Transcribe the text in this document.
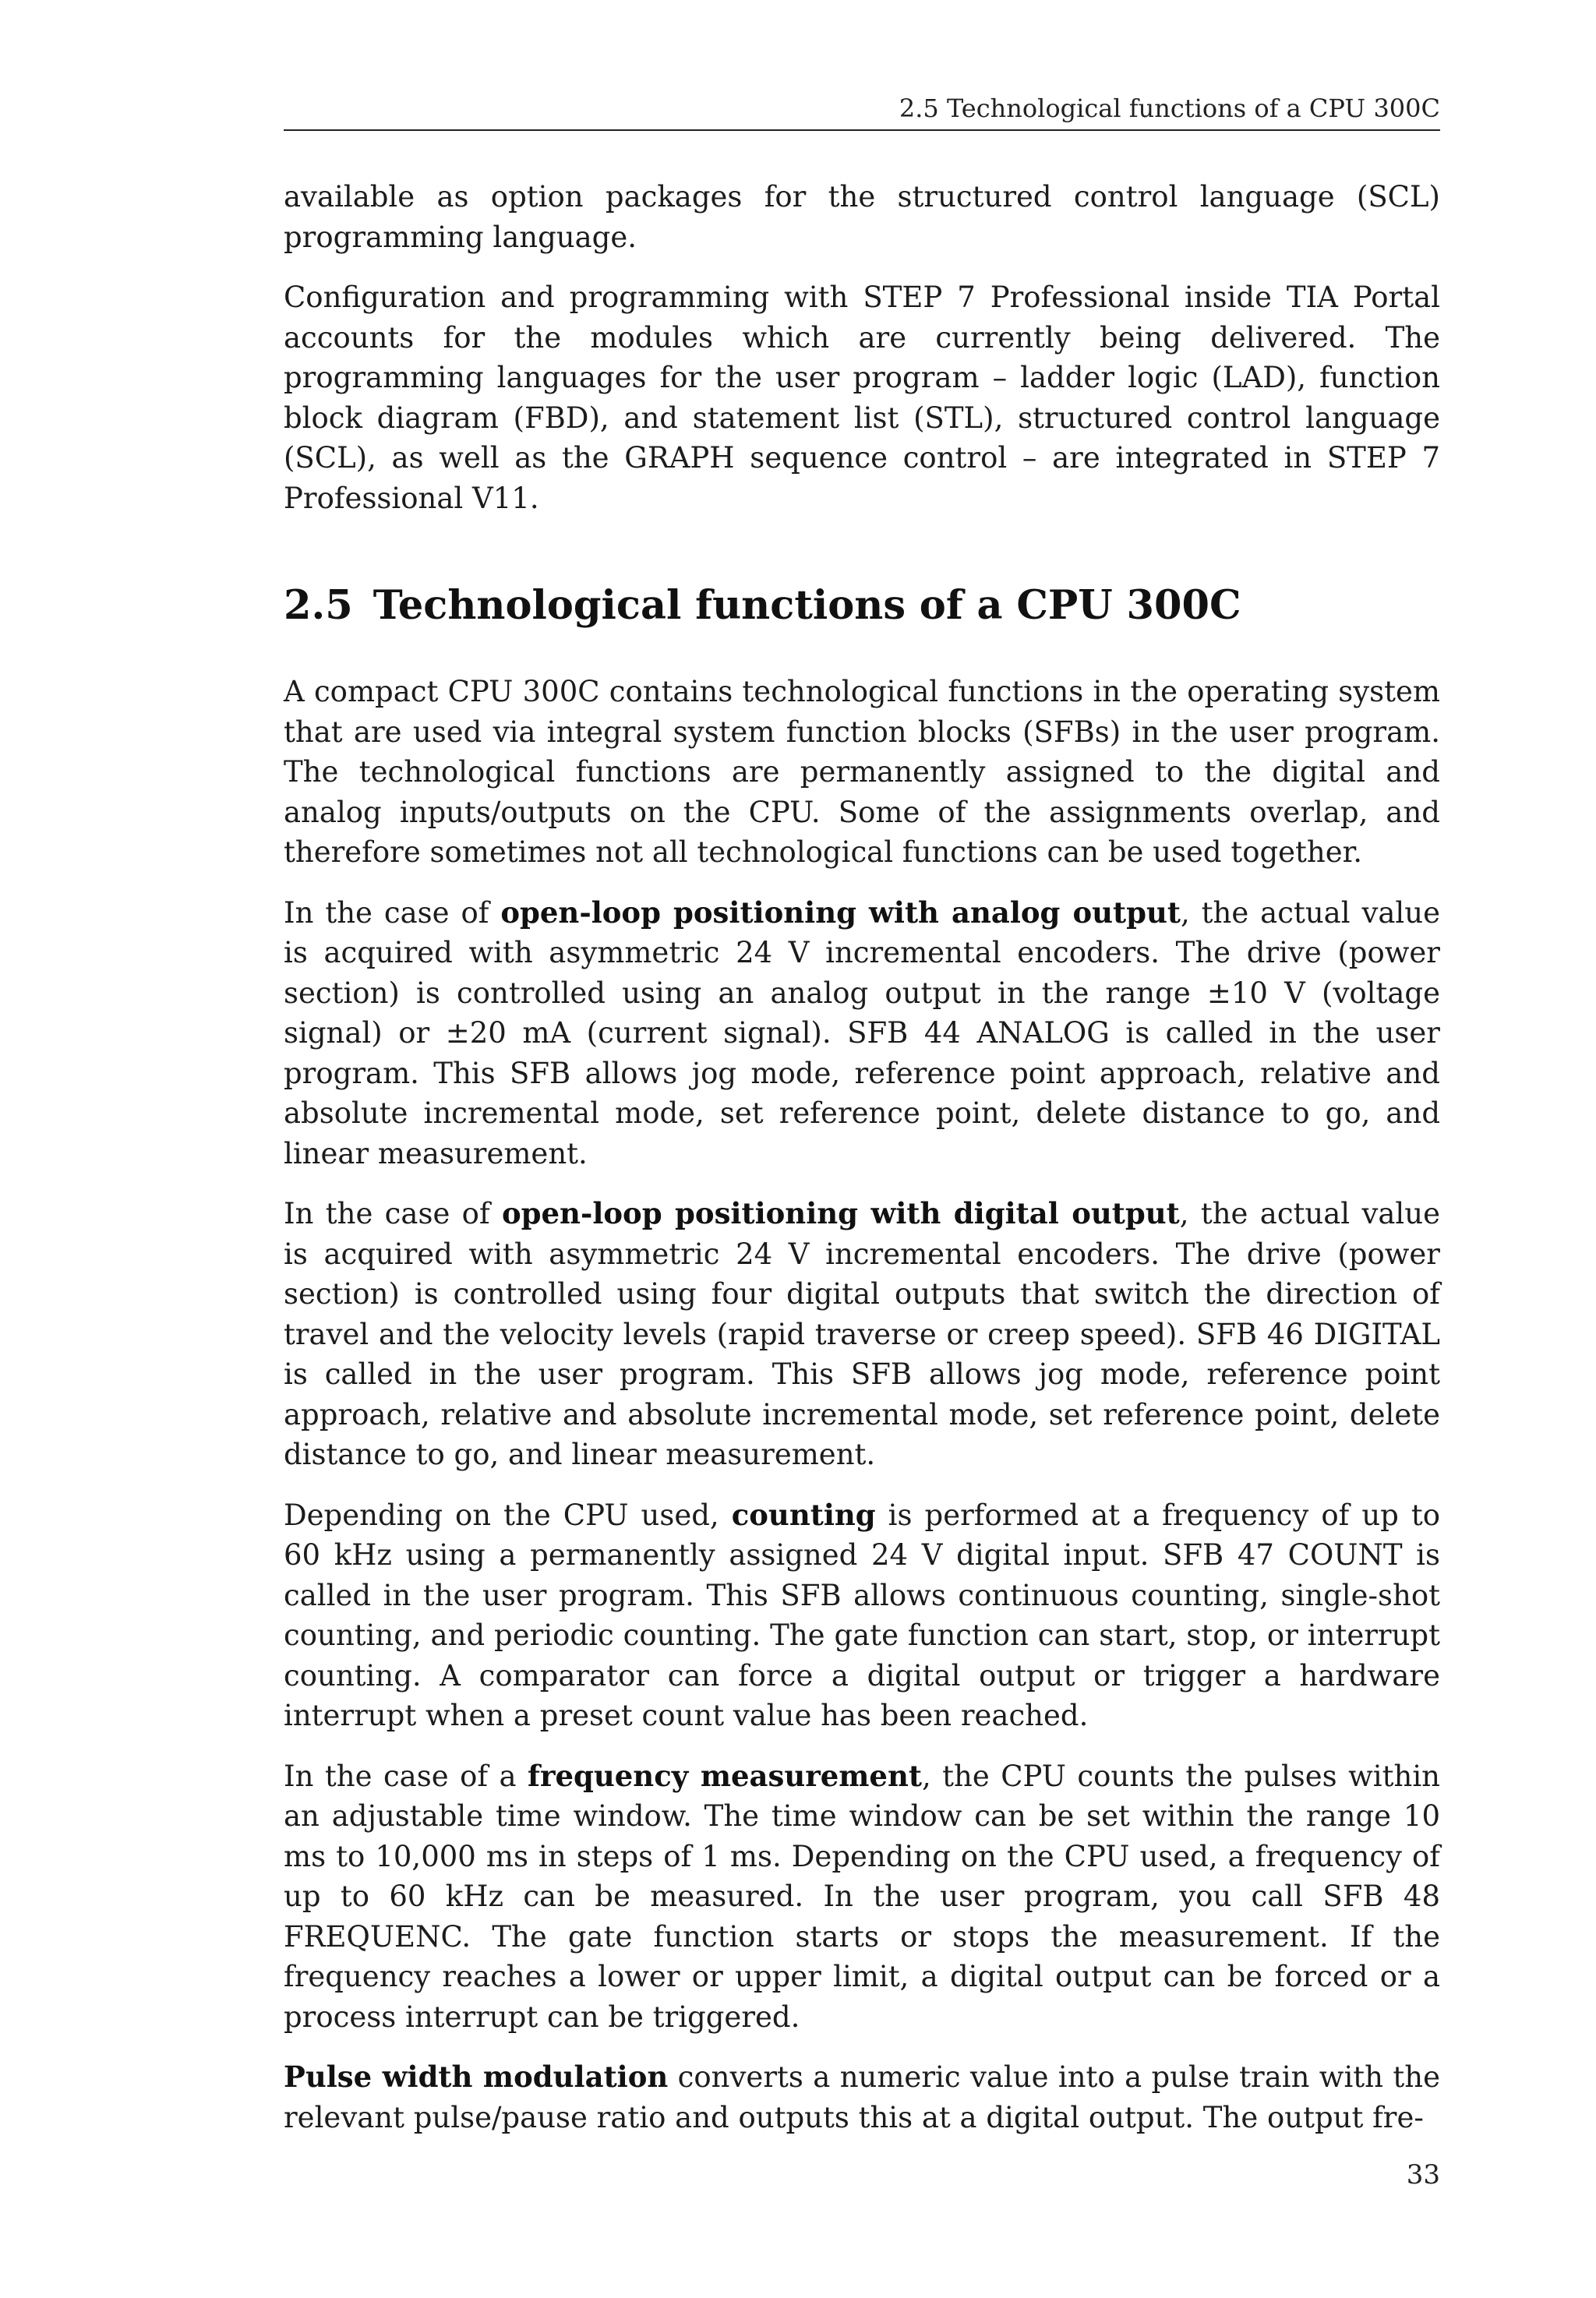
2.5 Technological functions of a CPU 300C

available as option packages for the structured control language (SCL) programming language.

Configuration and programming with STEP 7 Professional inside TIA Portal accounts for the modules which are currently being delivered. The programming languages for the user program – ladder logic (LAD), function block diagram (FBD), and statement list (STL), structured control language (SCL), as well as the GRAPH sequence control – are integrated in STEP 7 Professional V11.

2.5 Technological functions of a CPU 300C

A compact CPU 300C contains technological functions in the operating system that are used via integral system function blocks (SFBs) in the user program. The technological functions are permanently assigned to the digital and analog inputs/outputs on the CPU. Some of the assignments overlap, and therefore sometimes not all technological functions can be used together.

In the case of open-loop positioning with analog output, the actual value is acquired with asymmetric 24 V incremental encoders. The drive (power section) is controlled using an analog output in the range ±10 V (voltage signal) or ±20 mA (current signal). SFB 44 ANALOG is called in the user program. This SFB allows jog mode, reference point approach, relative and absolute incremental mode, set reference point, delete distance to go, and linear measurement.

In the case of open-loop positioning with digital output, the actual value is acquired with asymmetric 24 V incremental encoders. The drive (power section) is controlled using four digital outputs that switch the direction of travel and the velocity levels (rapid traverse or creep speed). SFB 46 DIGITAL is called in the user program. This SFB allows jog mode, reference point approach, relative and absolute incremental mode, set reference point, delete distance to go, and linear measurement.

Depending on the CPU used, counting is performed at a frequency of up to 60 kHz using a permanently assigned 24 V digital input. SFB 47 COUNT is called in the user program. This SFB allows continuous counting, single-shot counting, and periodic counting. The gate function can start, stop, or interrupt counting. A comparator can force a digital output or trigger a hardware interrupt when a preset count value has been reached.

In the case of a frequency measurement, the CPU counts the pulses within an adjustable time window. The time window can be set within the range 10 ms to 10,000 ms in steps of 1 ms. Depending on the CPU used, a frequency of up to 60 kHz can be measured. In the user program, you call SFB 48 FREQUENC. The gate function starts or stops the measurement. If the frequency reaches a lower or upper limit, a digital output can be forced or a process interrupt can be triggered.

Pulse width modulation converts a numeric value into a pulse train with the relevant pulse/pause ratio and outputs this at a digital output. The output fre-

33
